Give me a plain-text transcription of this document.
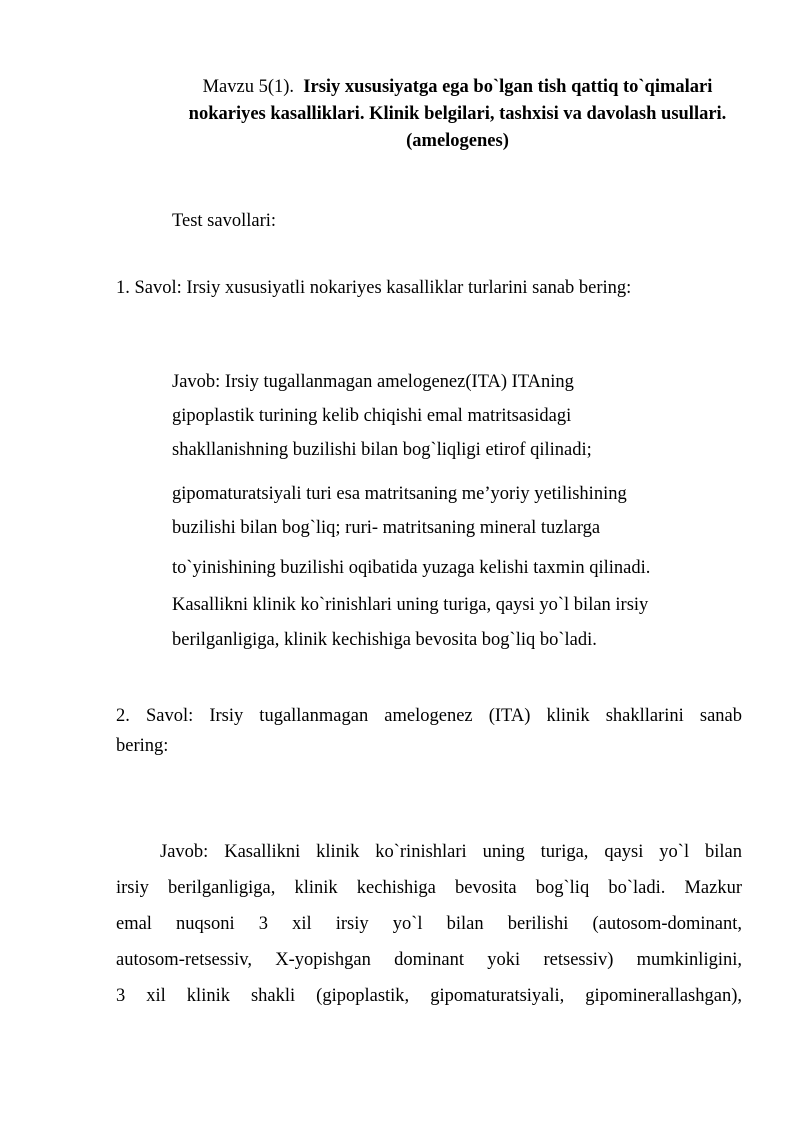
Mavzu 5(1). Irsiy xususiyatga ega bo`lgan tish qattiq to`qimalari nokariyes kasalliklari. Klinik belgilari, tashxisi va davolash usullari.(amelogenes)
Test savollari:
1. Savol: Irsiy xususiyatli nokariyes kasalliklar turlarini sanab bering:
Javob: Irsiy tugallanmagan amelogenez(ITA) ITAning
gipoplastik turining kelib chiqishi emal matritsasidagi
shakllanishning buzilishi bilan bog`liqligi etirof qilinadi;
gipomaturatsiyali turi esa matritsaning me’yoriy yetilishining
buzilishi bilan bog`liq; ruri- matritsaning mineral tuzlarga
to`yinishining buzilishi oqibatida yuzaga kelishi taxmin qilinadi.
Kasallikni klinik ko`rinishlari uning turiga, qaysi yo`l bilan irsiy
berilganligiga, klinik kechishiga bevosita bog`liq bo`ladi.
2. Savol: Irsiy tugallanmagan amelogenez (ITA) klinik shakllarini sanab
bering:
Javob: Kasallikni klinik ko`rinishlari uning turiga, qaysi yo`l bilan
irsiy berilganligiga, klinik kechishiga bevosita bog`liq bo`ladi. Mazkur
emal nuqsoni 3 xil irsiy yo`l bilan berilishi (autosom-dominant,
autosom-retsessiv, X-yopishgan dominant yoki retsessiv) mumkinligini,
3 xil klinik shakli (gipoplastik, gipomaturatsiyali, gipominerallashgan),
